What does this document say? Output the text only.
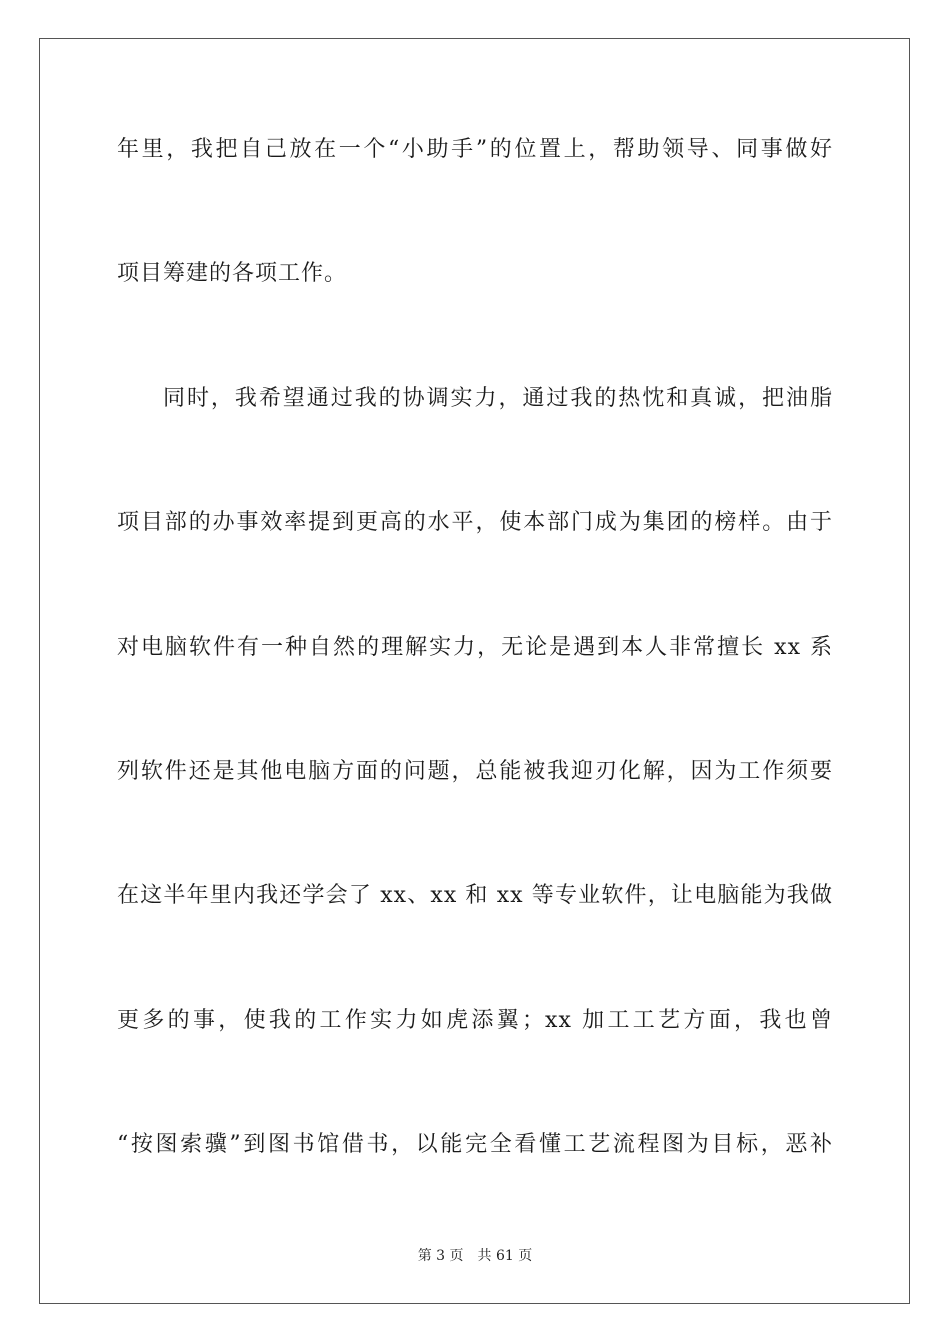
年里，我把自己放在一个“小助手”的位置上，帮助领导、同事做好
项目筹建的各项工作。
同时，我希望通过我的协调实力，通过我的热忱和真诚，把油脂
项目部的办事效率提到更高的水平，使本部门成为集团的榜样。由于
对电脑软件有一种自然的理解实力，无论是遇到本人非常擅长 xx 系
列软件还是其他电脑方面的问题，总能被我迎刃化解，因为工作须要
在这半年里内我还学会了 xx、xx 和 xx 等专业软件，让电脑能为我做
更多的事，使我的工作实力如虎添翼；xx 加工工艺方面，我也曾
“按图索骥”到图书馆借书，以能完全看懂工艺流程图为目标，恶补
第 3 页 共 61 页
